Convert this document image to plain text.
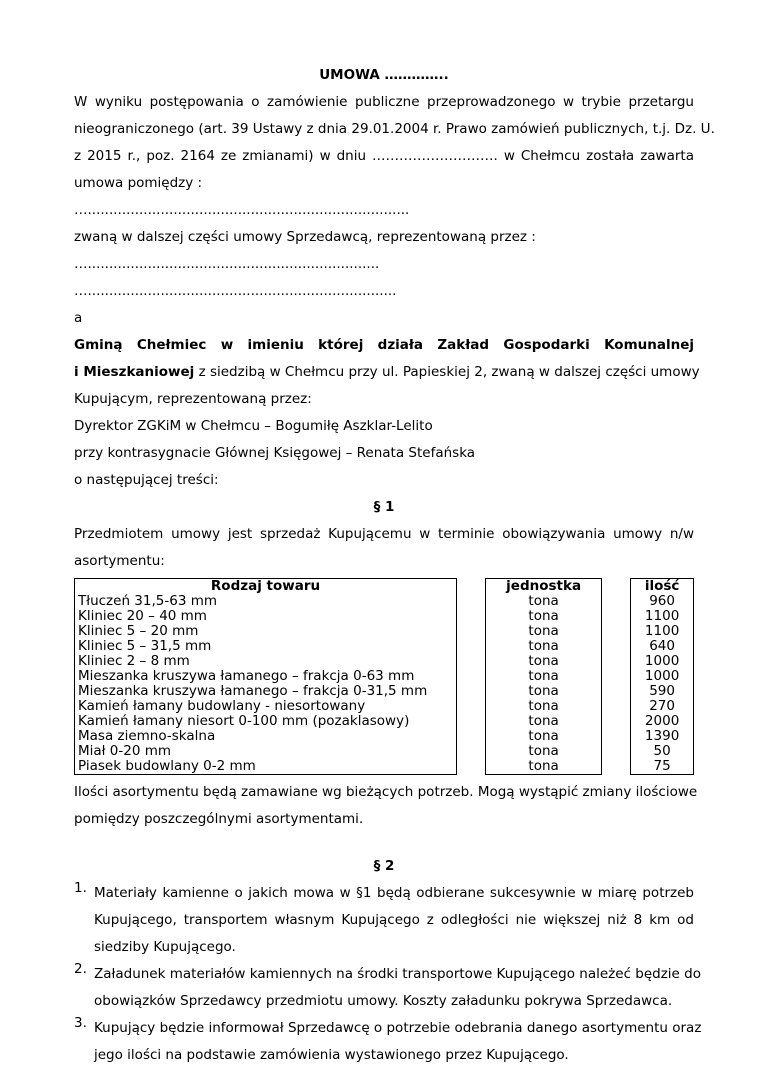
UMOWA …………..
W wyniku postępowania o zamówienie publiczne przeprowadzonego w trybie przetargu
nieograniczonego (art. 39 Ustawy z dnia 29.01.2004 r. Prawo zamówień publicznych, t.j. Dz. U.
z 2015 r., poz. 2164 ze zmianami) w dniu ………………………. w Chełmcu została zawarta
umowa pomiędzy :
…...........................................................................
zwaną w dalszej części umowy Sprzedawcą, reprezentowaną przez :
…....................................................................
…........................................................................
a
Gminą Chełmiec w imieniu której działa Zakład Gospodarki Komunalnej
i Mieszkaniowej z siedzibą w Chełmcu przy ul. Papieskiej 2, zwaną w dalszej części umowy
Kupującym, reprezentowaną przez:
Dyrektor ZGKiM w Chełmcu – Bogumiłę Aszklar-Lelito
przy kontrasygnacie Głównej Księgowej – Renata Stefańska
o następującej treści:
§ 1
Przedmiotem umowy jest sprzedaż Kupującemu w terminie obowiązywania umowy n/w
asortymentu:
Rodzaj towaru		jednostka		ilość
Tłuczeń 31,5-63 mm		tona		960
Kliniec 20 – 40 mm		tona		1100
Kliniec 5 – 20 mm		tona		1100
Kliniec 5 – 31,5 mm		tona		640
Kliniec 2 – 8 mm		tona		1000
Mieszanka kruszywa łamanego – frakcja 0-63 mm		tona		1000
Mieszanka kruszywa łamanego – frakcja 0-31,5 mm		tona		590
Kamień łamany budowlany - niesortowany		tona		270
Kamień łamany niesort 0-100 mm (pozaklasowy)		tona		2000
Masa ziemno-skalna		tona		1390
Miał 0-20 mm		tona		50
Piasek budowlany 0-2 mm		tona		75
Ilości asortymentu będą zamawiane wg bieżących potrzeb. Mogą wystąpić zmiany ilościowe
pomiędzy poszczególnymi asortymentami.
§ 2
1. Materiały kamienne o jakich mowa w §1 będą odbierane sukcesywnie w miarę potrzeb
Kupującego, transportem własnym Kupującego z odległości nie większej niż 8 km od
siedziby Kupującego.
2. Załadunek materiałów kamiennych na środki transportowe Kupującego należeć będzie do
obowiązków Sprzedawcy przedmiotu umowy. Koszty załadunku pokrywa Sprzedawca.
3. Kupujący będzie informował Sprzedawcę o potrzebie odebrania danego asortymentu oraz
jego ilości na podstawie zamówienia wystawionego przez Kupującego.
